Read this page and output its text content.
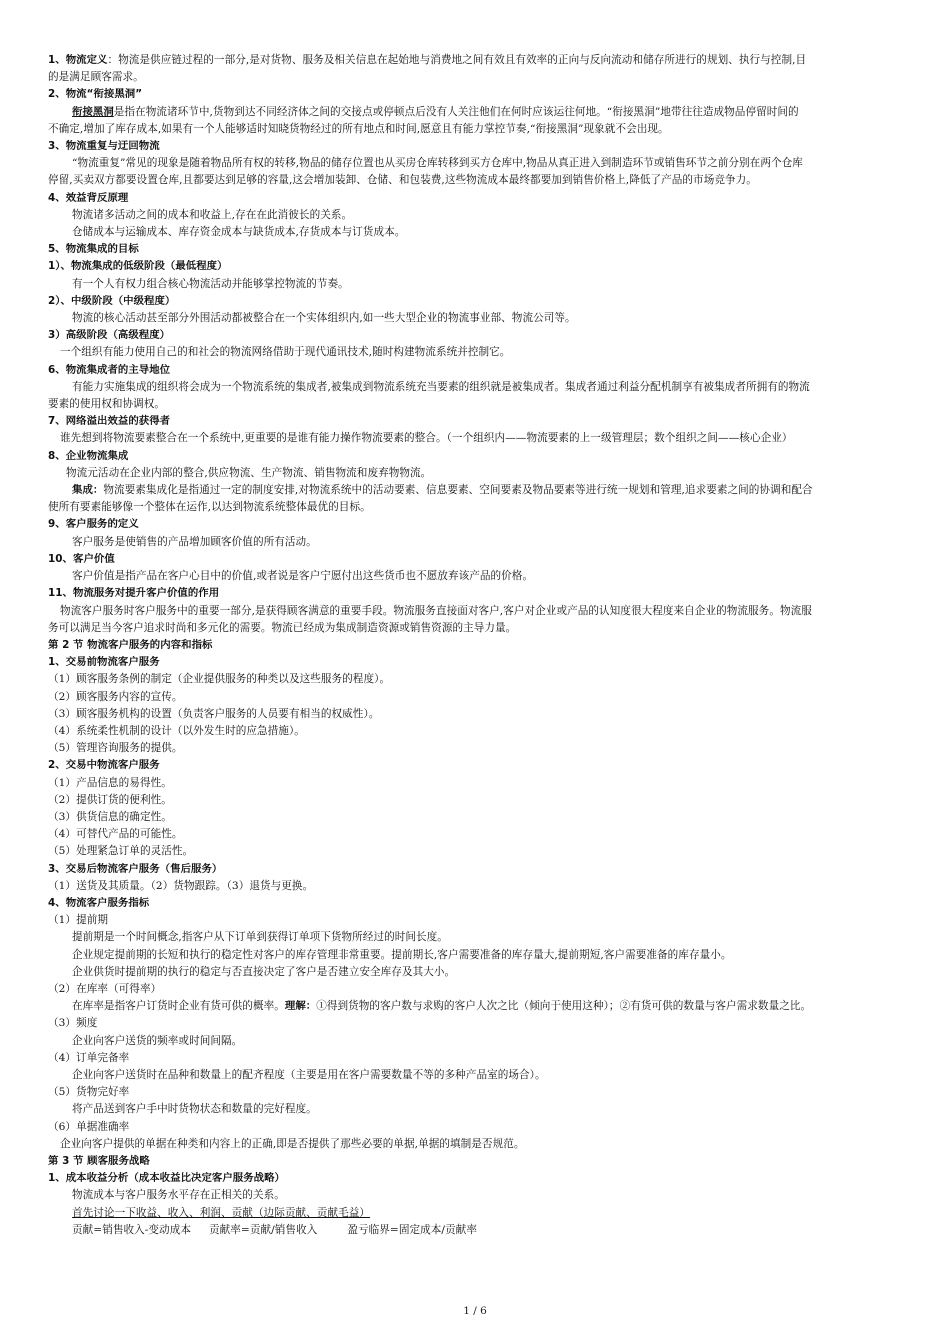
1、物流定义：物流是供应链过程的一部分,是对货物、服务及相关信息在起始地与消费地之间有效且有效率的正向与反向流动和储存所进行的规划、执行与控制,目
的是满足顾客需求。
2、物流“衔接黑洞”
衔接黑洞是指在物流诸环节中,货物到达不同经济体之间的交接点或停顿点后没有人关注他们在何时应该运往何地。“衔接黑洞”地带往往造成物品停留时间的
不确定,增加了库存成本,如果有一个人能够适时知晓货物经过的所有地点和时间,愿意且有能力掌控节奏,“衔接黑洞”现象就不会出现。
3、物流重复与迂回物流
“物流重复”常见的现象是随着物品所有权的转移,物品的储存位置也从买房仓库转移到买方仓库中,物品从真正进入到制造环节或销售环节之前分别在两个仓库
停留,买卖双方都要设置仓库,且都要达到足够的容量,这会增加装卸、仓储、和包装费,这些物流成本最终都要加到销售价格上,降低了产品的市场竞争力。
4、效益背反原理
物流诸多活动之间的成本和收益上,存在在此消彼长的关系。
仓储成本与运输成本、库存资金成本与缺货成本,存货成本与订货成本。
5、物流集成的目标
1）、物流集成的低级阶段（最低程度）
有一个人有权力组合核心物流活动并能够掌控物流的节奏。
2）、中级阶段（中级程度）
物流的核心活动甚至部分外围活动都被整合在一个实体组织内,如一些大型企业的物流事业部、物流公司等。
3）高级阶段（高级程度）
一个组织有能力使用自己的和社会的物流网络借助于现代通讯技术,随时构建物流系统并控制它。
6、物流集成者的主导地位
有能力实施集成的组织将会成为一个物流系统的集成者,被集成到物流系统充当要素的组织就是被集成者。集成者通过利益分配机制享有被集成者所拥有的物流
要素的使用权和协调权。
7、网络溢出效益的获得者
谁先想到将物流要素整合在一个系统中,更重要的是谁有能力操作物流要素的整合。（一个组织内——物流要素的上一级管理层；数个组织之间——核心企业）
8、企业物流集成
物流元活动在企业内部的整合,供应物流、生产物流、销售物流和废弃物物流。
集成：物流要素集成化是指通过一定的制度安排,对物流系统中的活动要素、信息要素、空间要素及物品要素等进行统一规划和管理,追求要素之间的协调和配合
使所有要素能够像一个整体在运作,以达到物流系统整体最优的目标。
9、客户服务的定义
客户服务是使销售的产品增加顾客价值的所有活动。
10、客户价值
客户价值是指产品在客户心目中的价值,或者说是客户宁愿付出这些货币也不愿放弃该产品的价格。
11、物流服务对提升客户价值的作用
物流客户服务时客户服务中的重要一部分,是获得顾客满意的重要手段。物流服务直接面对客户,客户对企业或产品的认知度很大程度来自企业的物流服务。物流服
务可以满足当今客户追求时尚和多元化的需要。物流已经成为集成制造资源或销售资源的主导力量。
第 2 节 物流客户服务的内容和指标
1、交易前物流客户服务
（1）顾客服务条例的制定（企业提供服务的种类以及这些服务的程度）。
（2）顾客服务内容的宣传。
（3）顾客服务机构的设置（负责客户服务的人员要有相当的权威性）。
（4）系统柔性机制的设计（以外发生时的应急措施）。
（5）管理咨询服务的提供。
2、交易中物流客户服务
（1）产品信息的易得性。
（2）提供订货的便利性。
（3）供货信息的确定性。
（4）可替代产品的可能性。
（5）处理紧急订单的灵活性。
3、交易后物流客户服务（售后服务）
（1）送货及其质量。（2）货物跟踪。（3）退货与更换。
4、物流客户服务指标
（1）提前期
提前期是一个时间概念,指客户从下订单到获得订单项下货物所经过的时间长度。
企业规定提前期的长短和执行的稳定性对客户的库存管理非常重要。提前期长,客户需要准备的库存量大,提前期短,客户需要准备的库存量小。
企业供货时提前期的执行的稳定与否直接决定了客户是否建立安全库存及其大小。
（2）在库率（可得率）
在库率是指客户订货时企业有货可供的概率。理解：①得到货物的客户数与求购的客户人次之比（倾向于使用这种）；②有货可供的数量与客户需求数量之比。
（3）频度
企业向客户送货的频率或时间间隔。
（4）订单完备率
企业向客户送货时在品种和数量上的配齐程度（主要是用在客户需要数量不等的多种产品室的场合）。
（5）货物完好率
将产品送到客户手中时货物状态和数量的完好程度。
（6）单据准确率
企业向客户提供的单据在种类和内容上的正确,即是否提供了那些必要的单据,单据的填制是否规范。
第 3 节 顾客服务战略
1、成本收益分析（成本收益比决定客户服务战略）
物流成本与客户服务水平存在正相关的关系。
首先讨论一下收益、收入、利润、贡献（边际贡献、贡献毛益）
贡献=销售收入-变动成本 贡献率=贡献/销售收入	盈亏临界=固定成本/贡献率
1 / 6
